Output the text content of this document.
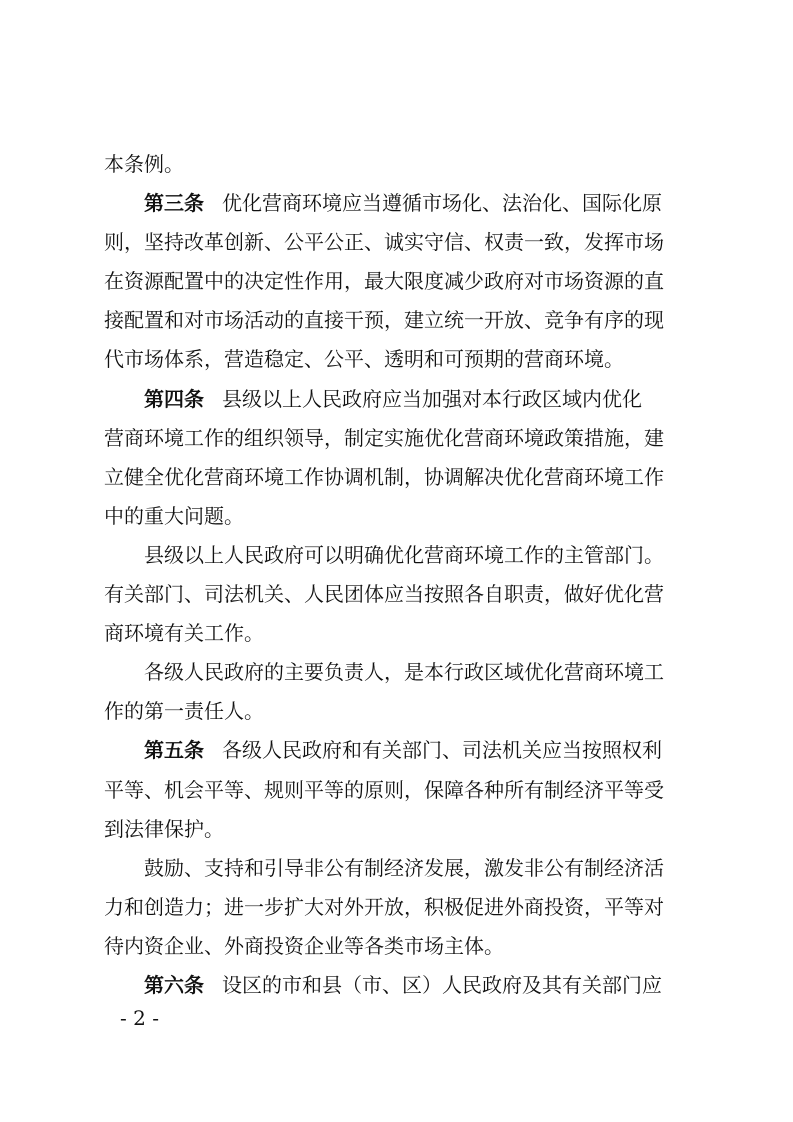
本条例。
第三条 优化营商环境应当遵循市场化、法治化、国际化原
则，坚持改革创新、公平公正、诚实守信、权责一致，发挥市场
在资源配置中的决定性作用，最大限度减少政府对市场资源的直
接配置和对市场活动的直接干预，建立统一开放、竞争有序的现
代市场体系，营造稳定、公平、透明和可预期的营商环境。
第四条 县级以上人民政府应当加强对本行政区域内优化
营商环境工作的组织领导，制定实施优化营商环境政策措施，建
立健全优化营商环境工作协调机制，协调解决优化营商环境工作
中的重大问题。
县级以上人民政府可以明确优化营商环境工作的主管部门。
有关部门、司法机关、人民团体应当按照各自职责，做好优化营
商环境有关工作。
各级人民政府的主要负责人，是本行政区域优化营商环境工
作的第一责任人。
第五条 各级人民政府和有关部门、司法机关应当按照权利
平等、机会平等、规则平等的原则，保障各种所有制经济平等受
到法律保护。
鼓励、支持和引导非公有制经济发展，激发非公有制经济活
力和创造力；进一步扩大对外开放，积极促进外商投资，平等对
待内资企业、外商投资企业等各类市场主体。
第六条 设区的市和县（市、区）人民政府及其有关部门应
- 2 -
